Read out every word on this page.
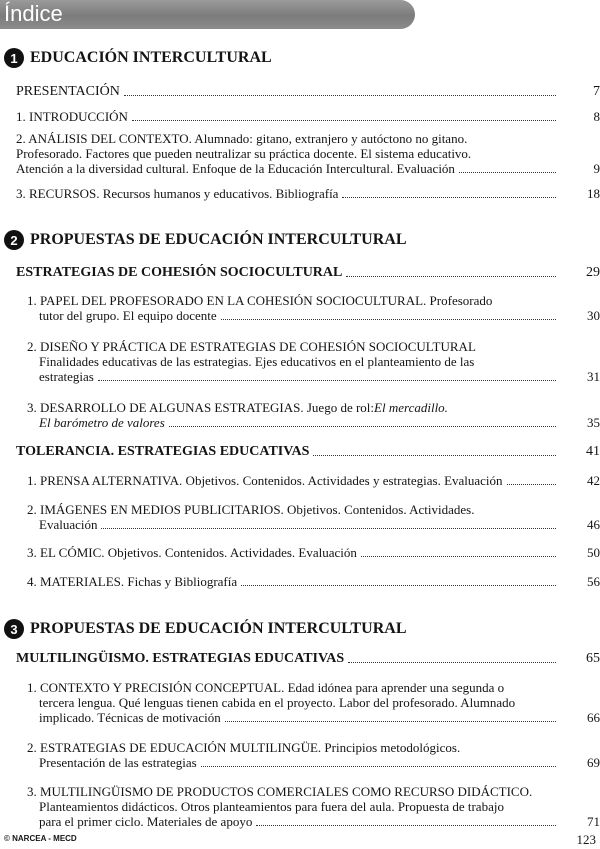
Índice
1 EDUCACIÓN INTERCULTURAL
PRESENTACIÓN	7
1. INTRODUCCIÓN	8
2. ANÁLISIS DEL CONTEXTO. Alumnado: gitano, extranjero y autóctono no gitano.
Profesorado. Factores que pueden neutralizar su práctica docente. El sistema educativo.
Atención a la diversidad cultural. Enfoque de la Educación Intercultural. Evaluación	9
3. RECURSOS. Recursos humanos y educativos. Bibliografía	18
2 PROPUESTAS DE EDUCACIÓN INTERCULTURAL
ESTRATEGIAS DE COHESIÓN SOCIOCULTURAL	29
1. PAPEL DEL PROFESORADO EN LA COHESIÓN SOCIOCULTURAL. Profesorado
tutor del grupo. El equipo docente	30
2. DISEÑO Y PRÁCTICA DE ESTRATEGIAS DE COHESIÓN SOCIOCULTURAL
Finalidades educativas de las estrategias. Ejes educativos en el planteamiento de las
estrategias	31
3. DESARROLLO DE ALGUNAS ESTRATEGIAS. Juego de rol: El mercadillo.
El barómetro de valores	35
TOLERANCIA. ESTRATEGIAS EDUCATIVAS	41
1. PRENSA ALTERNATIVA. Objetivos. Contenidos. Actividades y estrategias. Evaluación	42
2. IMÁGENES EN MEDIOS PUBLICITARIOS. Objetivos. Contenidos. Actividades.
Evaluación	46
3. EL CÓMIC. Objetivos. Contenidos. Actividades. Evaluación	50
4. MATERIALES. Fichas y Bibliografía	56
3 PROPUESTAS DE EDUCACIÓN INTERCULTURAL
MULTILINGÜISMO. ESTRATEGIAS EDUCATIVAS	65
1. CONTEXTO Y PRECISIÓN CONCEPTUAL. Edad idónea para aprender una segunda o
tercera lengua. Qué lenguas tienen cabida en el proyecto. Labor del profesorado. Alumnado
implicado. Técnicas de motivación	66
2. ESTRATEGIAS DE EDUCACIÓN MULTILINGÜE. Principios metodológicos.
Presentación de las estrategias	69
3. MULTILINGÜISMO DE PRODUCTOS COMERCIALES COMO RECURSO DIDÁCTICO.
Planteamientos didácticos. Otros planteamientos para fuera del aula. Propuesta de trabajo
para el primer ciclo. Materiales de apoyo	71
© NARCEA - MECD	123
